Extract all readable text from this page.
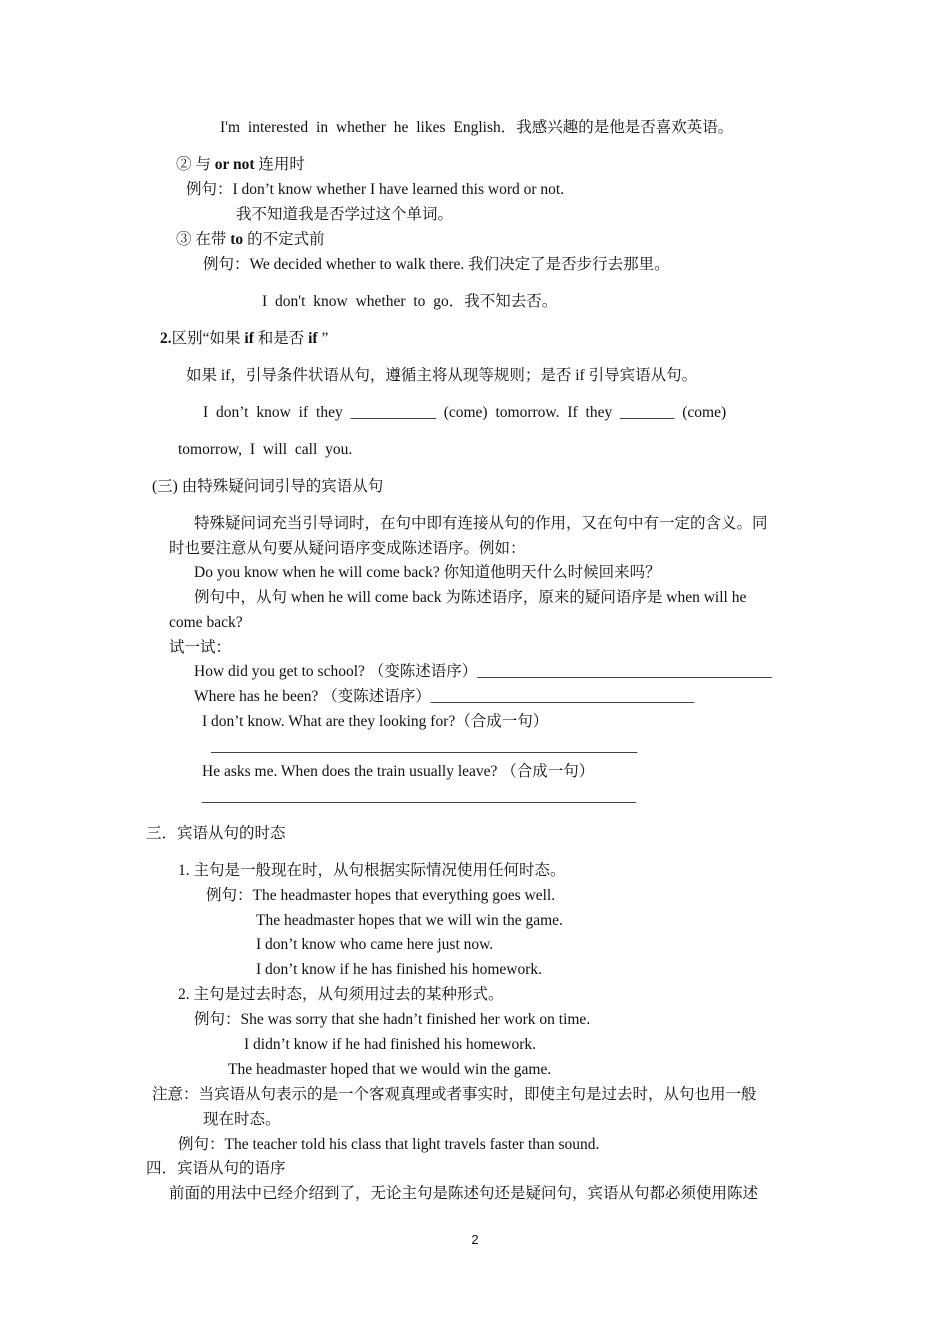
I'm interested in whether he likes English．我感兴趣的是他是否喜欢英语。
② 与 or not 连用时
例句：I don’t know whether I have learned this word or not.
我不知道我是否学过这个单词。
③ 在带 to 的不定式前
例句：We decided whether to walk there. 我们决定了是否步行去那里。
I don't know whether to go．我不知去否。
2.区别“如果 if 和是否 if ”
如果 if，引导条件状语从句，遵循主将从现等规则；是否 if 引导宾语从句。
I don’t know if they ___________ (come) tomorrow. If they _______ (come)
tomorrow, I will call you.
(三) 由特殊疑问词引导的宾语从句
特殊疑问词充当引导词时，在句中即有连接从句的作用，又在句中有一定的含义。同
时也要注意从句要从疑问语序变成陈述语序。例如：
Do you know when he will come back? 你知道他明天什么时候回来吗？
例句中，从句 when he will come back 为陈述语序，原来的疑问语序是 when will he
come back?
试一试：
How did you get to school? （变陈述语序）______________________________________
Where has he been? （变陈述语序）__________________________________
I don’t know. What are they looking for?（合成一句）
_______________________________________________________
He asks me. When does the train usually leave? （合成一句）
________________________________________________________
三．宾语从句的时态
1. 主句是一般现在时，从句根据实际情况使用任何时态。
例句：The headmaster hopes that everything goes well.
The headmaster hopes that we will win the game.
I don’t know who came here just now.
I don’t know if he has finished his homework.
2. 主句是过去时态，从句须用过去的某种形式。
例句：She was sorry that she hadn’t finished her work on time.
I didn’t know if he had finished his homework.
The headmaster hoped that we would win the game.
注意：当宾语从句表示的是一个客观真理或者事实时，即使主句是过去时，从句也用一般
现在时态。
例句：The teacher told his class that light travels faster than sound.
四．宾语从句的语序
前面的用法中已经介绍到了，无论主句是陈述句还是疑问句，宾语从句都必须使用陈述
2
